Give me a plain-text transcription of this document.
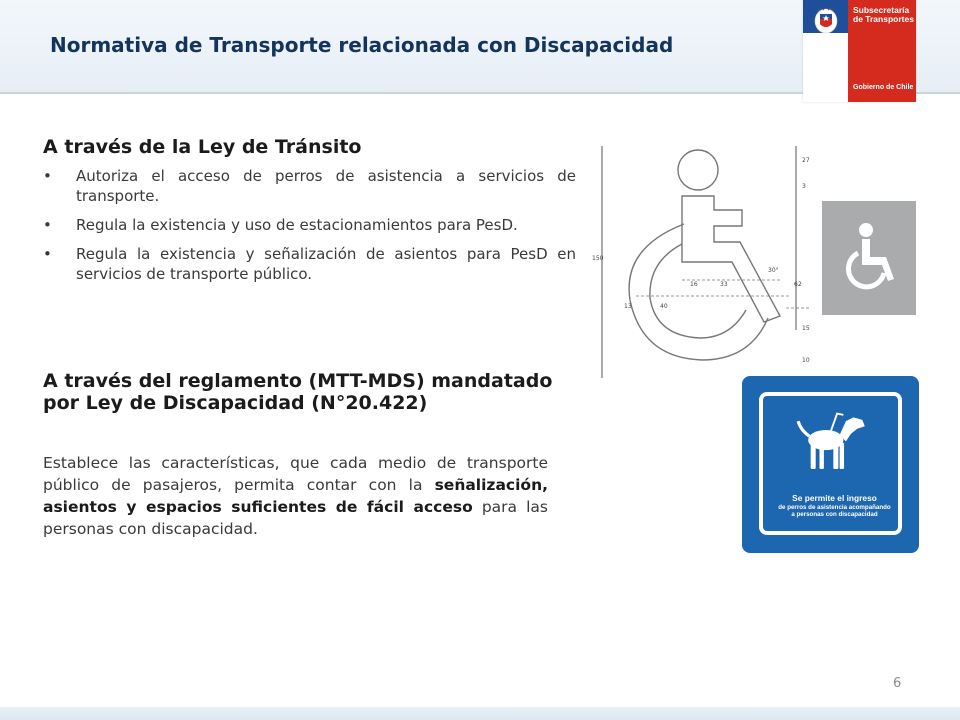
Normativa de Transporte relacionada con Discapacidad
Subsecretaría de Transportes
Gobierno de Chile
A través de la Ley de Tránsito
• Autoriza el acceso de perros de asistencia a servicios de transporte.
• Regula la existencia y uso de estacionamientos para PesD.
• Regula la existencia y señalización de asientos para PesD en servicios de transporte público.
A través del reglamento (MTT-MDS) mandatado por Ley de Discapacidad (N°20.422)
Establece las características, que cada medio de transporte público de pasajeros, permita contar con la señalización, asientos y espacios suficientes de fácil acceso para las personas con discapacidad.
27
3
150
16	33
30°
62
13	40
15
10
Se permite el ingreso
de perros de asistencia acompañando
a personas con discapacidad
6
